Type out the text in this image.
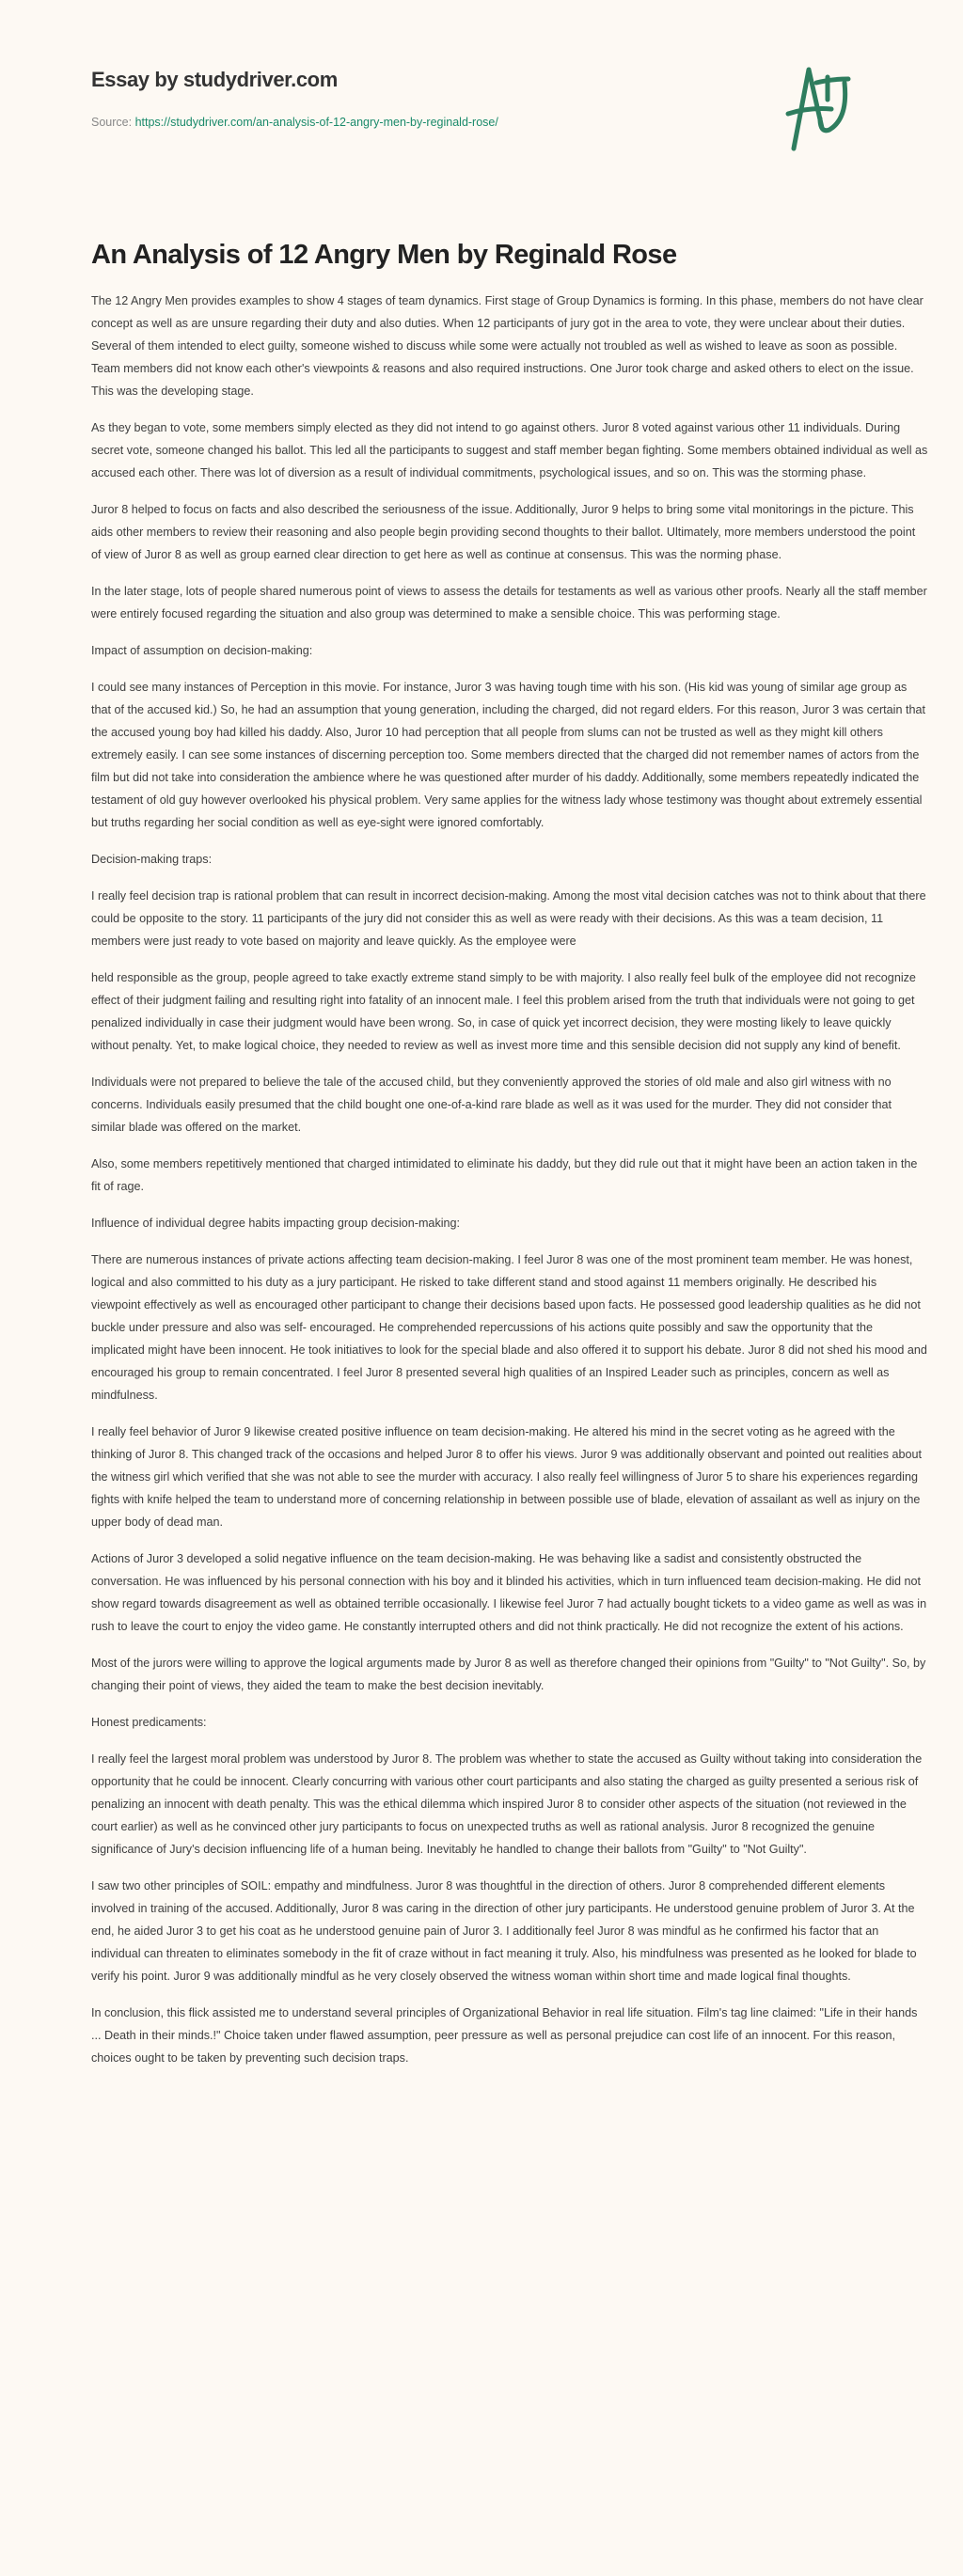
Essay by studydriver.com
Source: https://studydriver.com/an-analysis-of-12-angry-men-by-reginald-rose/
An Analysis of 12 Angry Men by Reginald Rose

The 12 Angry Men provides examples to show 4 stages of team dynamics. First stage of Group Dynamics is forming. In this phase, members do not have clear concept as well as are unsure regarding their duty and also duties. When 12 participants of jury got in the area to vote, they were unclear about their duties. Several of them intended to elect guilty, someone wished to discuss while some were actually not troubled as well as wished to leave as soon as possible. Team members did not know each other's viewpoints & reasons and also required instructions. One Juror took charge and asked others to elect on the issue. This was the developing stage.

As they began to vote, some members simply elected as they did not intend to go against others. Juror 8 voted against various other 11 individuals. During secret vote, someone changed his ballot. This led all the participants to suggest and staff member began fighting. Some members obtained individual as well as accused each other. There was lot of diversion as a result of individual commitments, psychological issues, and so on. This was the storming phase.

Juror 8 helped to focus on facts and also described the seriousness of the issue. Additionally, Juror 9 helps to bring some vital monitorings in the picture. This aids other members to review their reasoning and also people begin providing second thoughts to their ballot. Ultimately, more members understood the point of view of Juror 8 as well as group earned clear direction to get here as well as continue at consensus. This was the norming phase.

In the later stage, lots of people shared numerous point of views to assess the details for testaments as well as various other proofs. Nearly all the staff member were entirely focused regarding the situation and also group was determined to make a sensible choice. This was performing stage.

Impact of assumption on decision-making:

I could see many instances of Perception in this movie. For instance, Juror 3 was having tough time with his son. (His kid was young of similar age group as that of the accused kid.) So, he had an assumption that young generation, including the charged, did not regard elders. For this reason, Juror 3 was certain that the accused young boy had killed his daddy. Also, Juror 10 had perception that all people from slums can not be trusted as well as they might kill others extremely easily. I can see some instances of discerning perception too. Some members directed that the charged did not remember names of actors from the film but did not take into consideration the ambience where he was questioned after murder of his daddy. Additionally, some members repeatedly indicated the testament of old guy however overlooked his physical problem. Very same applies for the witness lady whose testimony was thought about extremely essential but truths regarding her social condition as well as eye-sight were ignored comfortably.

Decision-making traps:

I really feel decision trap is rational problem that can result in incorrect decision-making. Among the most vital decision catches was not to think about that there could be opposite to the story. 11 participants of the jury did not consider this as well as were ready with their decisions. As this was a team decision, 11 members were just ready to vote based on majority and leave quickly. As the employee were

held responsible as the group, people agreed to take exactly extreme stand simply to be with majority. I also really feel bulk of the employee did not recognize effect of their judgment failing and resulting right into fatality of an innocent male. I feel this problem arised from the truth that individuals were not going to get penalized individually in case their judgment would have been wrong. So, in case of quick yet incorrect decision, they were mosting likely to leave quickly without penalty. Yet, to make logical choice, they needed to review as well as invest more time and this sensible decision did not supply any kind of benefit.

Individuals were not prepared to believe the tale of the accused child, but they conveniently approved the stories of old male and also girl witness with no concerns. Individuals easily presumed that the child bought one one-of-a-kind rare blade as well as it was used for the murder. They did not consider that similar blade was offered on the market.

Also, some members repetitively mentioned that charged intimidated to eliminate his daddy, but they did rule out that it might have been an action taken in the fit of rage.

Influence of individual degree habits impacting group decision-making:

There are numerous instances of private actions affecting team decision-making. I feel Juror 8 was one of the most prominent team member. He was honest, logical and also committed to his duty as a jury participant. He risked to take different stand and stood against 11 members originally. He described his viewpoint effectively as well as encouraged other participant to change their decisions based upon facts. He possessed good leadership qualities as he did not buckle under pressure and also was self- encouraged. He comprehended repercussions of his actions quite possibly and saw the opportunity that the implicated might have been innocent. He took initiatives to look for the special blade and also offered it to support his debate. Juror 8 did not shed his mood and encouraged his group to remain concentrated. I feel Juror 8 presented several high qualities of an Inspired Leader such as principles, concern as well as mindfulness.

I really feel behavior of Juror 9 likewise created positive influence on team decision-making. He altered his mind in the secret voting as he agreed with the thinking of Juror 8. This changed track of the occasions and helped Juror 8 to offer his views. Juror 9 was additionally observant and pointed out realities about the witness girl which verified that she was not able to see the murder with accuracy. I also really feel willingness of Juror 5 to share his experiences regarding fights with knife helped the team to understand more of concerning relationship in between possible use of blade, elevation of assailant as well as injury on the upper body of dead man.

Actions of Juror 3 developed a solid negative influence on the team decision-making. He was behaving like a sadist and consistently obstructed the conversation. He was influenced by his personal connection with his boy and it blinded his activities, which in turn influenced team decision-making. He did not show regard towards disagreement as well as obtained terrible occasionally. I likewise feel Juror 7 had actually bought tickets to a video game as well as was in rush to leave the court to enjoy the video game. He constantly interrupted others and did not think practically. He did not recognize the extent of his actions.

Most of the jurors were willing to approve the logical arguments made by Juror 8 as well as therefore changed their opinions from "Guilty" to "Not Guilty". So, by changing their point of views, they aided the team to make the best decision inevitably.

Honest predicaments:

I really feel the largest moral problem was understood by Juror 8. The problem was whether to state the accused as Guilty without taking into consideration the opportunity that he could be innocent. Clearly concurring with various other court participants and also stating the charged as guilty presented a serious risk of penalizing an innocent with death penalty. This was the ethical dilemma which inspired Juror 8 to consider other aspects of the situation (not reviewed in the court earlier) as well as he convinced other jury participants to focus on unexpected truths as well as rational analysis. Juror 8 recognized the genuine significance of Jury's decision influencing life of a human being. Inevitably he handled to change their ballots from "Guilty" to "Not Guilty".

I saw two other principles of SOIL: empathy and mindfulness. Juror 8 was thoughtful in the direction of others. Juror 8 comprehended different elements involved in training of the accused. Additionally, Juror 8 was caring in the direction of other jury participants. He understood genuine problem of Juror 3. At the end, he aided Juror 3 to get his coat as he understood genuine pain of Juror 3. I additionally feel Juror 8 was mindful as he confirmed his factor that an individual can threaten to eliminates somebody in the fit of craze without in fact meaning it truly. Also, his mindfulness was presented as he looked for blade to verify his point. Juror 9 was additionally mindful as he very closely observed the witness woman within short time and made logical final thoughts.

In conclusion, this flick assisted me to understand several principles of Organizational Behavior in real life situation. Film's tag line claimed: "Life in their hands ... Death in their minds.!" Choice taken under flawed assumption, peer pressure as well as personal prejudice can cost life of an innocent. For this reason, choices ought to be taken by preventing such decision traps.
